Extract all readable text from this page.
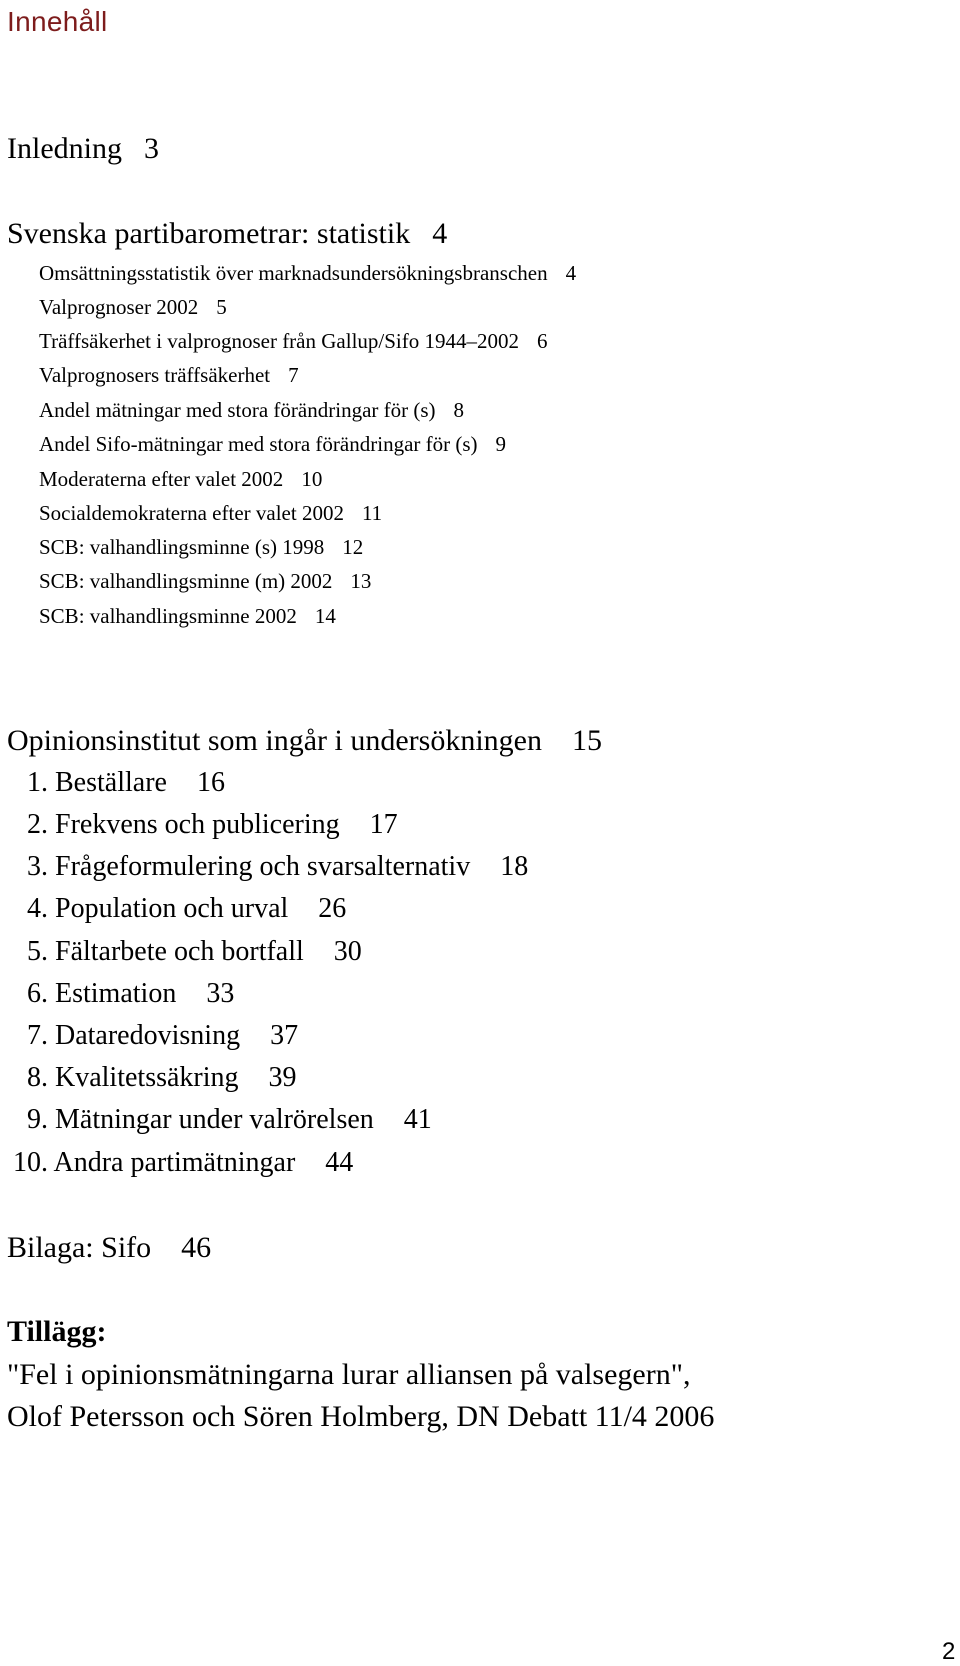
Innehåll
Inledning 3
Svenska partibarometrar: statistik 4
Omsättningsstatistik över marknadsundersökningsbranschen 4
Valprognoser 2002 5
Träffsäkerhet i valprognoser från Gallup/Sifo 1944–2002 6
Valprognosers träffsäkerhet 7
Andel mätningar med stora förändringar för (s) 8
Andel Sifo-mätningar med stora förändringar för (s) 9
Moderaterna efter valet 2002 10
Socialdemokraterna efter valet 2002 11
SCB: valhandlingsminne (s) 1998 12
SCB: valhandlingsminne (m) 2002 13
SCB: valhandlingsminne 2002 14
Opinionsinstitut som ingår i undersökningen 15
1. Beställare 16
2. Frekvens och publicering 17
3. Frågeformulering och svarsalternativ 18
4. Population och urval 26
5. Fältarbete och bortfall 30
6. Estimation 33
7. Dataredovisning 37
8. Kvalitetssäkring 39
9. Mätningar under valrörelsen 41
10. Andra partimätningar 44
Bilaga: Sifo 46
Tillägg:
"Fel i opinionsmätningarna lurar alliansen på valsegern",
Olof Petersson och Sören Holmberg, DN Debatt 11/4 2006
2
